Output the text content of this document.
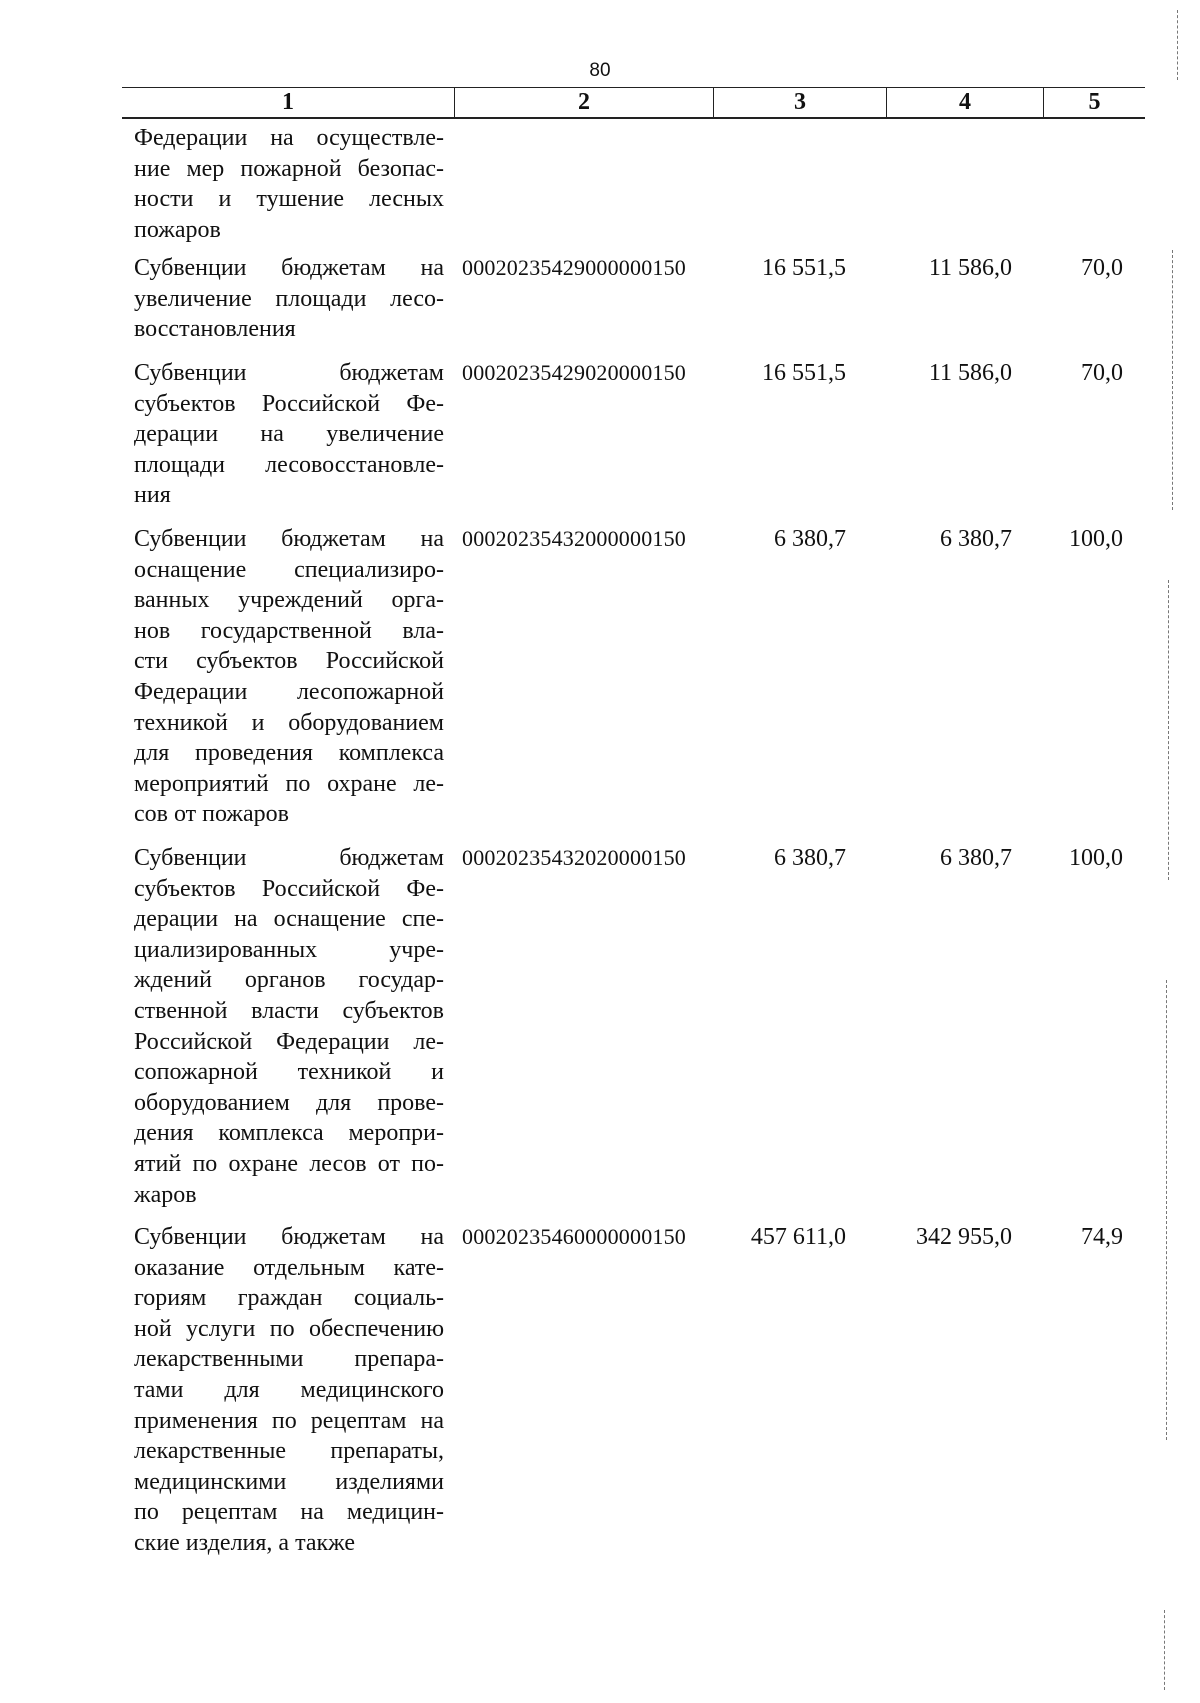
80
1	2	3	4	5
Федерации на осуществле-
ние мер пожарной безопас-
ности и тушение лесных
пожаров
Субвенции бюджетам на
увеличение площади лесо-
восстановления
00020235429000000150	16 551,5	11 586,0	70,0
Субвенции бюджетам
субъектов Российской Фе-
дерации на увеличение
площади лесовосстановле-
ния
00020235429020000150	16 551,5	11 586,0	70,0
Субвенции бюджетам на
оснащение специализиро-
ванных учреждений орга-
нов государственной вла-
сти субъектов Российской
Федерации лесопожарной
техникой и оборудованием
для проведения комплекса
мероприятий по охране ле-
сов от пожаров
00020235432000000150	6 380,7	6 380,7	100,0
Субвенции бюджетам
субъектов Российской Фе-
дерации на оснащение спе-
циализированных учре-
ждений органов государ-
ственной власти субъектов
Российской Федерации ле-
сопожарной техникой и
оборудованием для прове-
дения комплекса меропри-
ятий по охране лесов от по-
жаров
00020235432020000150	6 380,7	6 380,7	100,0
Субвенции бюджетам на
оказание отдельным кате-
гориям граждан социаль-
ной услуги по обеспечению
лекарственными препара-
тами для медицинского
применения по рецептам на
лекарственные препараты,
медицинскими изделиями
по рецептам на медицин-
ские изделия, а также
00020235460000000150	457 611,0	342 955,0	74,9
